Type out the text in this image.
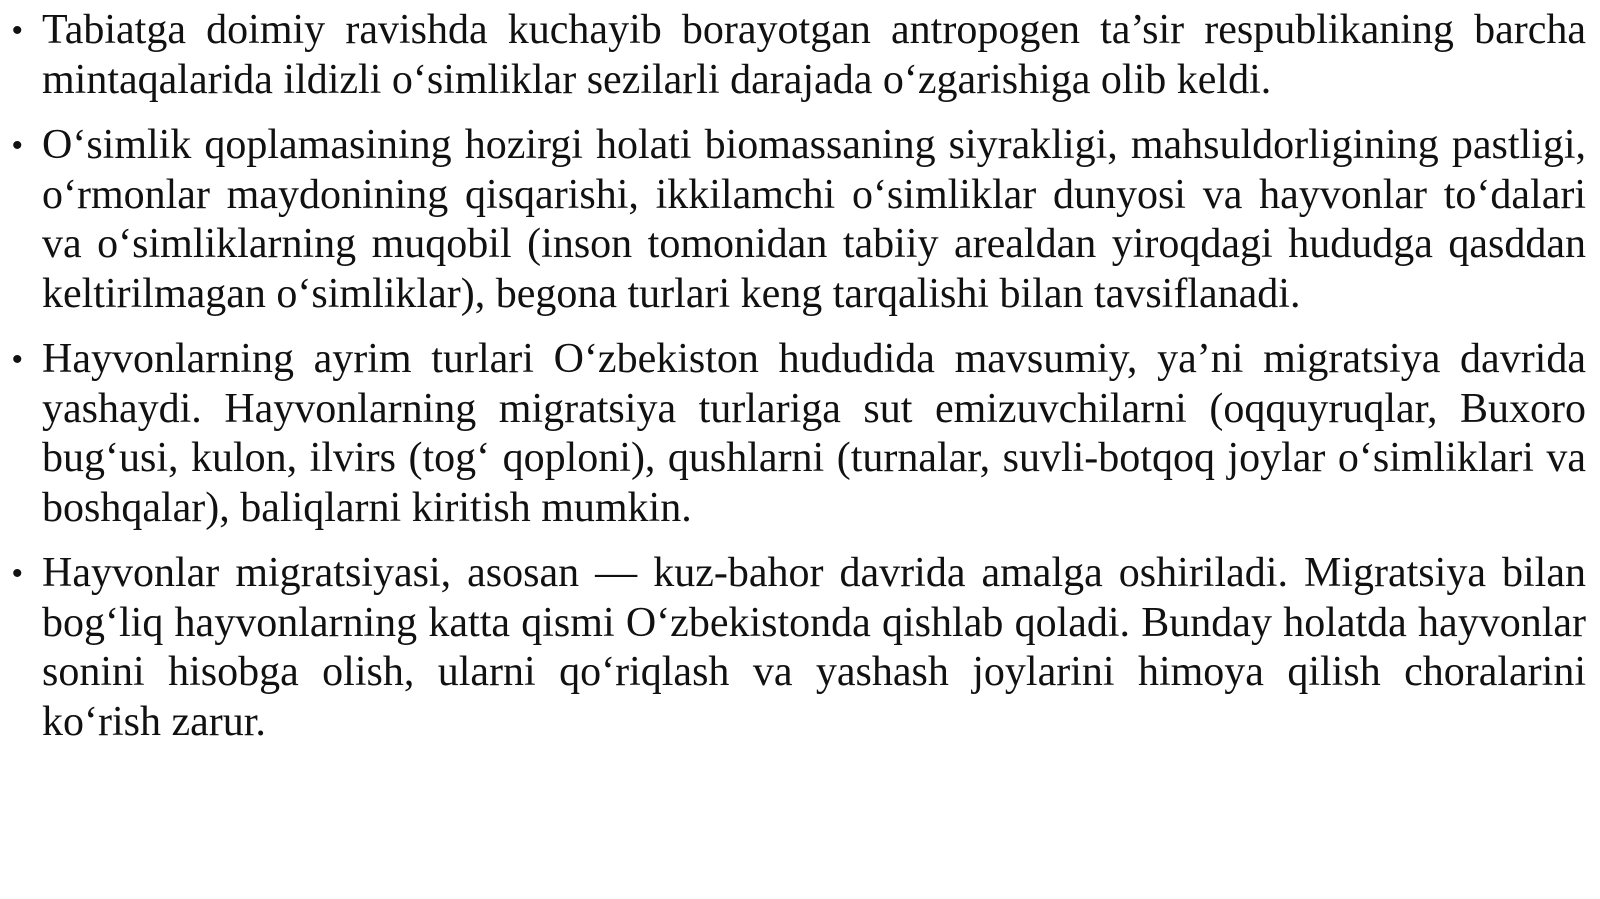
• Tabiatga doimiy ravishda kuchayib borayotgan antropogen ta’sir respublikaning barcha mintaqalarida ildizli o‘simliklar sezilarli darajada o‘zgarishiga olib keldi.
• O‘simlik qoplamasining hozirgi holati biomassaning siyrakligi, mahsuldorligining pastligi, o‘rmonlar maydonining qisqarishi, ikkilamchi o‘simliklar dunyosi va hayvonlar to‘dalari va o‘simliklarning muqobil (inson tomonidan tabiiy arealdan yiroqdagi hududga qasddan keltirilmagan o‘simliklar), begona turlari keng tarqalishi bilan tavsiflanadi.
• Hayvonlarning ayrim turlari O‘zbekiston hududida mavsumiy, ya’ni migratsiya davrida yashaydi. Hayvonlarning migratsiya turlariga sut emizuvchilarni (oqquyruqlar, Buxoro bug‘usi, kulon, ilvirs (tog‘ qoploni), qushlarni (turnalar, suvli-botqoq joylar o‘simliklari va boshqalar), baliqlarni kiritish mumkin.
• Hayvonlar migratsiyasi, asosan — kuz-bahor davrida amalga oshiriladi. Migratsiya bilan bog‘liq hayvonlarning katta qismi O‘zbekistonda qishlab qoladi. Bunday holatda hayvonlar sonini hisobga olish, ularni qo‘riqlash va yashash joylarini himoya qilish choralarini ko‘rish zarur.
